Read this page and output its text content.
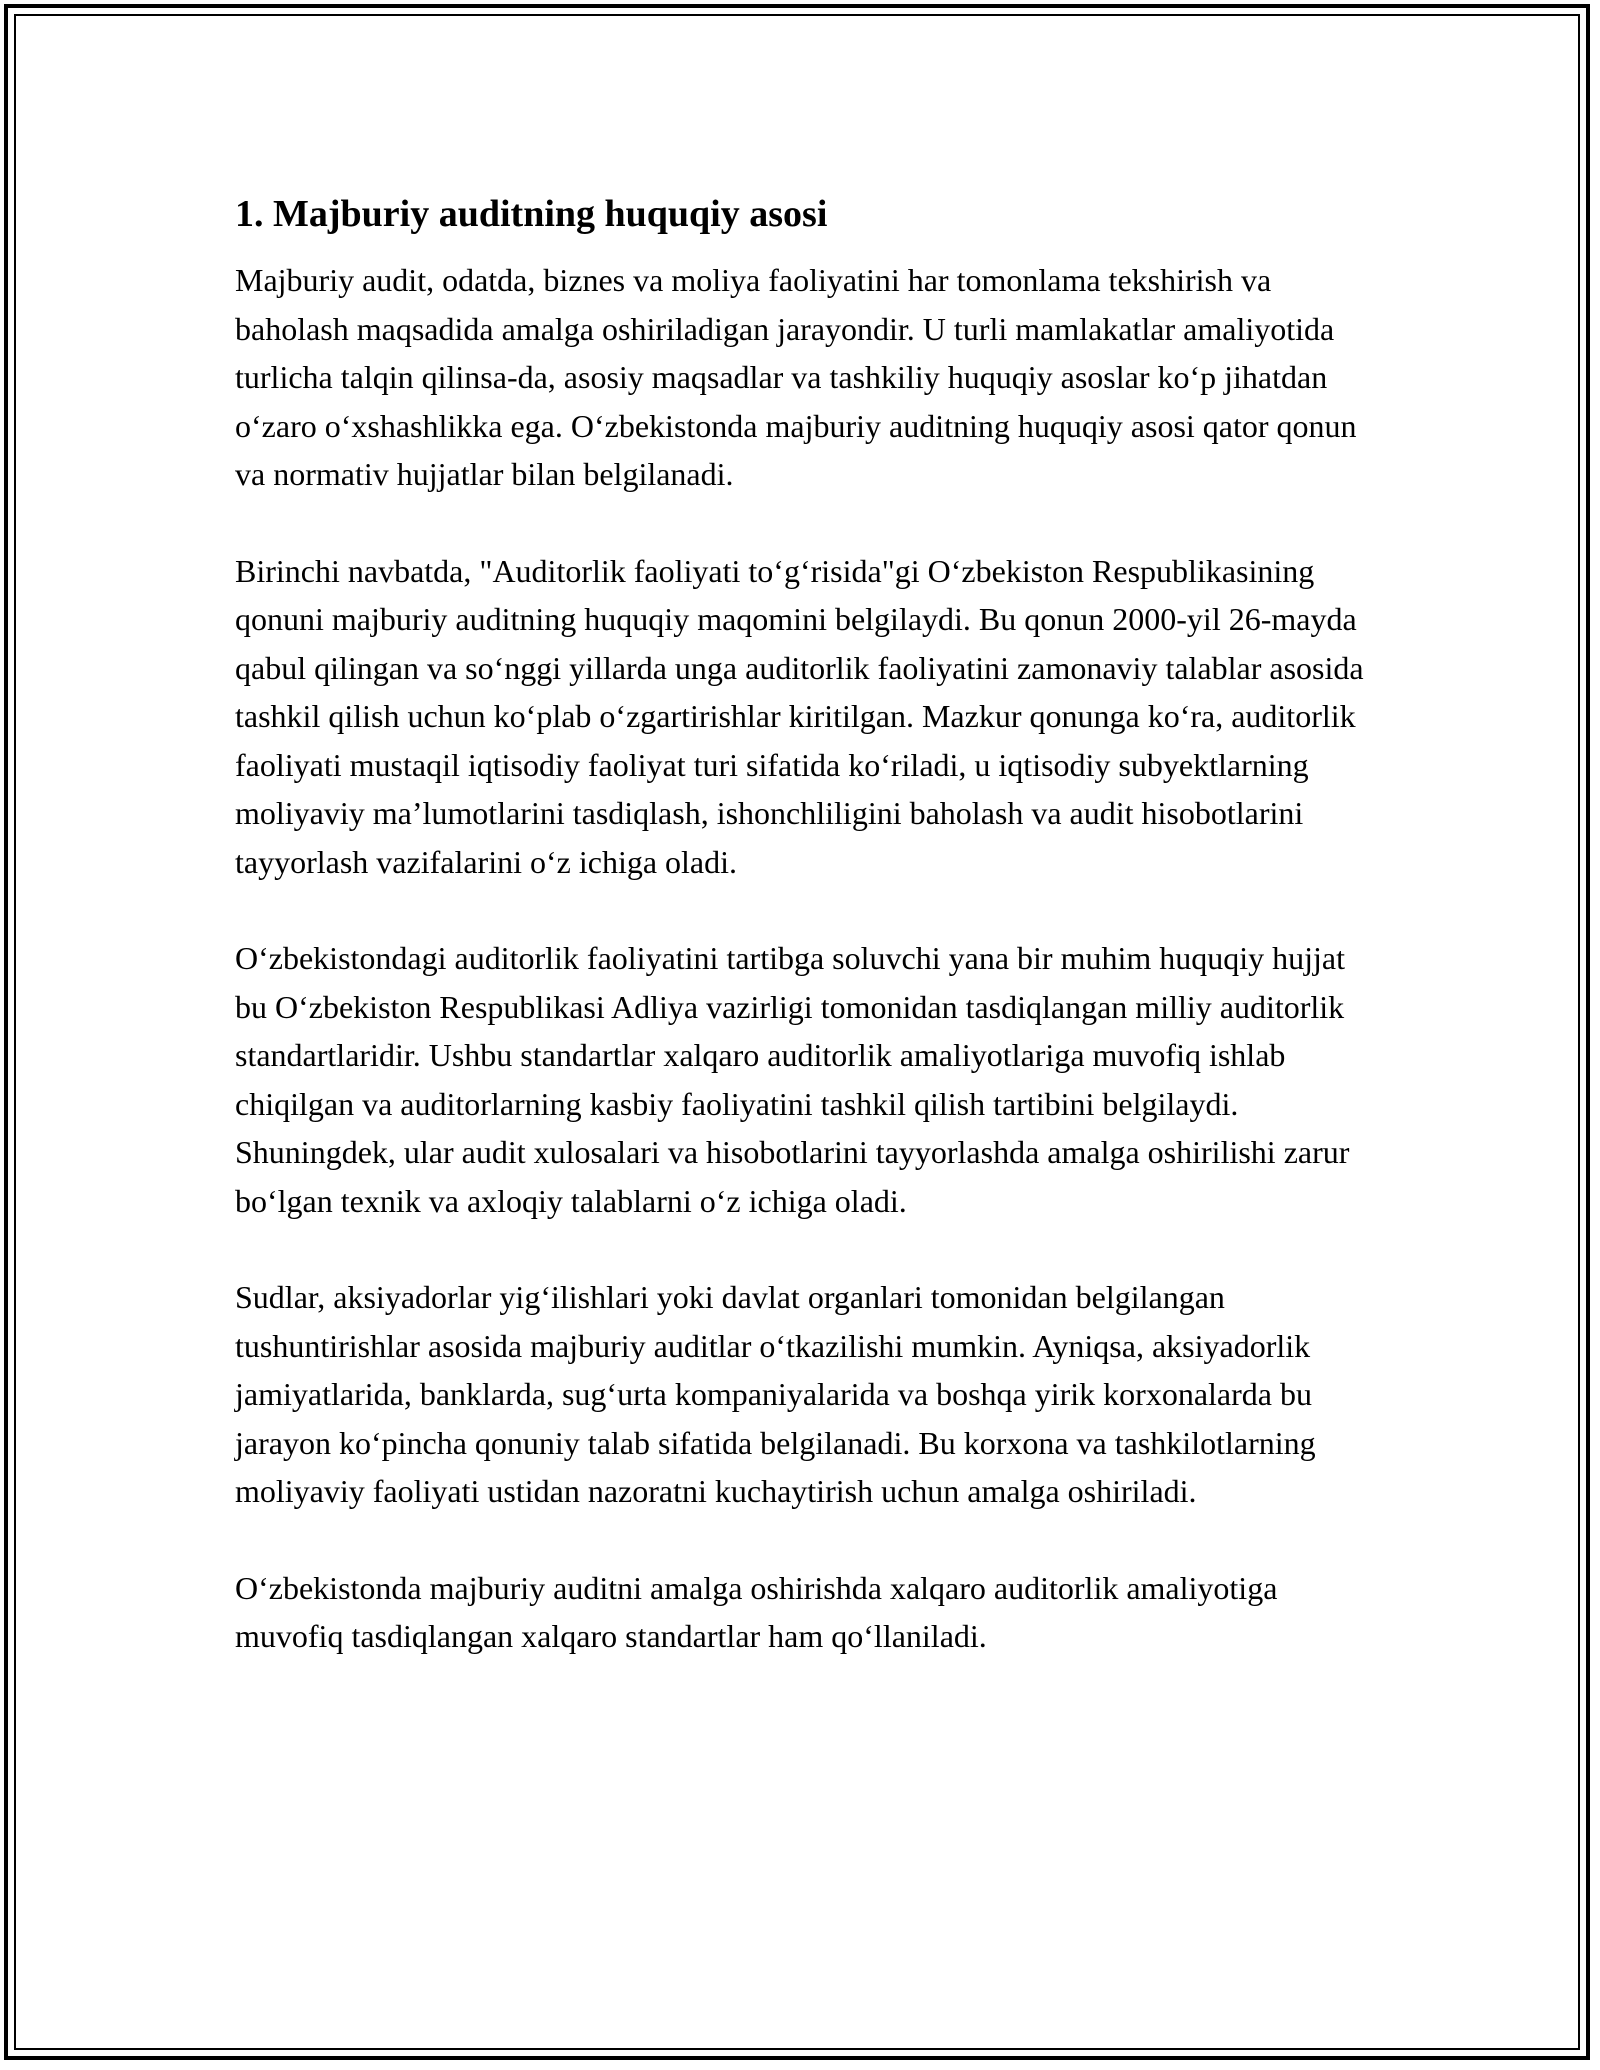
1. Majburiy auditning huquqiy asosi

Majburiy audit, odatda, biznes va moliya faoliyatini har tomonlama tekshirish va baholash maqsadida amalga oshiriladigan jarayondir. U turli mamlakatlar amaliyotida turlicha talqin qilinsa-da, asosiy maqsadlar va tashkiliy huquqiy asoslar koʻp jihatdan oʻzaro oʻxshashlikka ega. Oʻzbekistonda majburiy auditning huquqiy asosi qator qonun va normativ hujjatlar bilan belgilanadi.

Birinchi navbatda, "Auditorlik faoliyati toʻgʻrisida"gi Oʻzbekiston Respublikasining qonuni majburiy auditning huquqiy maqomini belgilaydi. Bu qonun 2000-yil 26-mayda qabul qilingan va soʻnggi yillarda unga auditorlik faoliyatini zamonaviy talablar asosida tashkil qilish uchun koʻplab oʻzgartirishlar kiritilgan. Mazkur qonunga koʻra, auditorlik faoliyati mustaqil iqtisodiy faoliyat turi sifatida koʻriladi, u iqtisodiy subyektlarning moliyaviy ma’lumotlarini tasdiqlash, ishonchliligini baholash va audit hisobotlarini tayyorlash vazifalarini oʻz ichiga oladi.

Oʻzbekistondagi auditorlik faoliyatini tartibga soluvchi yana bir muhim huquqiy hujjat bu Oʻzbekiston Respublikasi Adliya vazirligi tomonidan tasdiqlangan milliy auditorlik standartlaridir. Ushbu standartlar xalqaro auditorlik amaliyotlariga muvofiq ishlab chiqilgan va auditorlarning kasbiy faoliyatini tashkil qilish tartibini belgilaydi. Shuningdek, ular audit xulosalari va hisobotlarini tayyorlashda amalga oshirilishi zarur boʻlgan texnik va axloqiy talablarni oʻz ichiga oladi.

Sudlar, aksiyadorlar yigʻilishlari yoki davlat organlari tomonidan belgilangan tushuntirishlar asosida majburiy auditlar oʻtkazilishi mumkin. Ayniqsa, aksiyadorlik jamiyatlarida, banklarda, sugʻurta kompaniyalarida va boshqa yirik korxonalarda bu jarayon koʻpincha qonuniy talab sifatida belgilanadi. Bu korxona va tashkilotlarning moliyaviy faoliyati ustidan nazoratni kuchaytirish uchun amalga oshiriladi.

Oʻzbekistonda majburiy auditni amalga oshirishda xalqaro auditorlik amaliyotiga muvofiq tasdiqlangan xalqaro standartlar ham qoʻllaniladi.
